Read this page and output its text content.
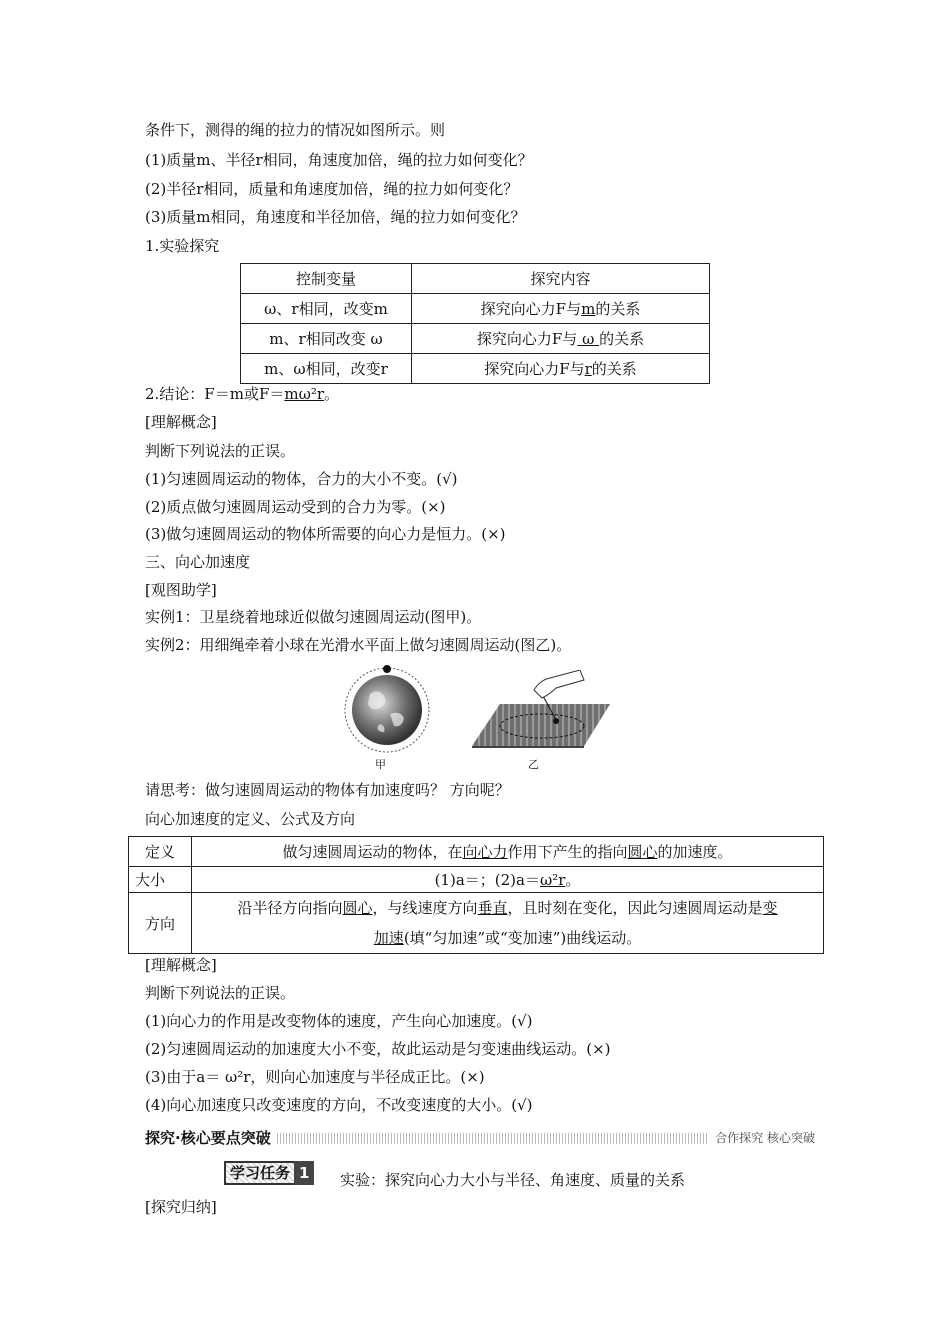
条件下，测得的绳的拉力的情况如图所示。则
(1)质量m、半径r相同，角速度加倍，绳的拉力如何变化？
(2)半径r相同，质量和角速度加倍，绳的拉力如何变化？
(3)质量m相同，角速度和半径加倍，绳的拉力如何变化？
1.实验探究
控制变量	探究内容
ω、r相同，改变m	探究向心力F与m的关系
m、r相同改变 ω	探究向心力F与 ω 的关系
m、ω相同，改变r	探究向心力F与r的关系
2.结论：F＝m或F＝mω²r。
[理解概念]
判断下列说法的正误。
(1)匀速圆周运动的物体，合力的大小不变。(√)
(2)质点做匀速圆周运动受到的合力为零。(×)
(3)做匀速圆周运动的物体所需要的向心力是恒力。(×)
三、向心加速度
[观图助学]
实例1：卫星绕着地球近似做匀速圆周运动(图甲)。
实例2：用细绳牵着小球在光滑水平面上做匀速圆周运动(图乙)。
甲	乙
请思考：做匀速圆周运动的物体有加速度吗？ 方向呢？
向心加速度的定义、公式及方向
定义	做匀速圆周运动的物体，在向心力作用下产生的指向圆心的加速度。
大小	(1)a＝；(2)a＝ω²r。
方向	沿半径方向指向圆心，与线速度方向垂直，且时刻在变化，因此匀速圆周运动是变
加速(填“匀加速”或“变加速”)曲线运动。
[理解概念]
判断下列说法的正误。
(1)向心力的作用是改变物体的速度，产生向心加速度。(√)
(2)匀速圆周运动的加速度大小不变，故此运动是匀变速曲线运动。(×)
(3)由于a＝ ω²r，则向心加速度与半径成正比。(×)
(4)向心加速度只改变速度的方向，不改变速度的大小。(√)
探究·核心要点突破	合作探究 核心突破
学习任务 1	实验：探究向心力大小与半径、角速度、质量的关系
[探究归纳]
